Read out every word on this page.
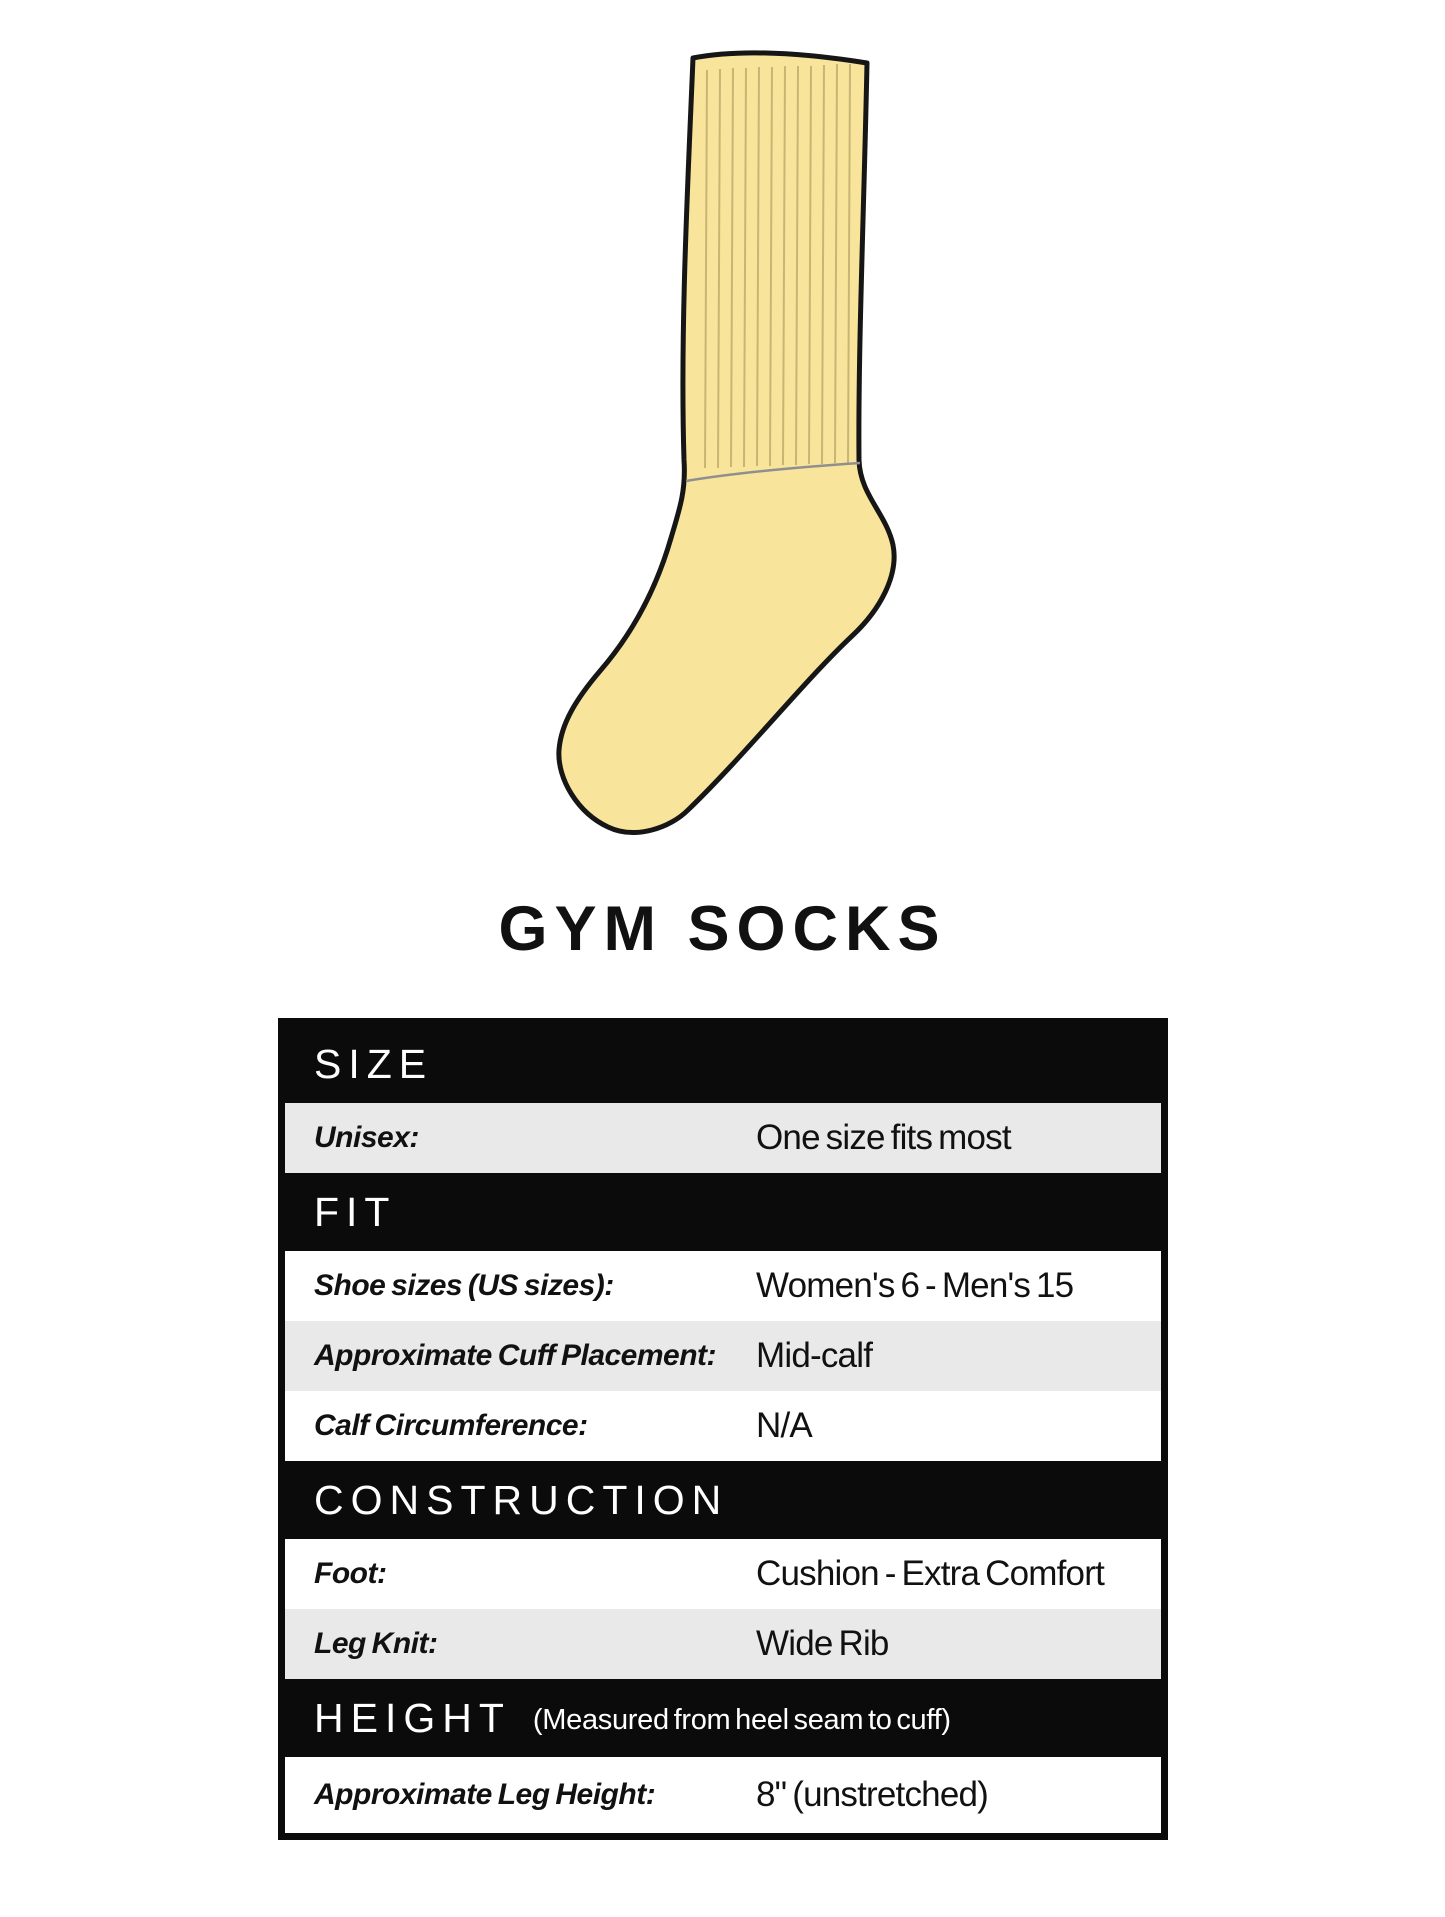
GYM SOCKS
SIZE
Unisex:	One size fits most
FIT
Shoe sizes (US sizes):	Women's 6 - Men's 15
Approximate Cuff Placement:	Mid-calf
Calf Circumference:	N/A
CONSTRUCTION
Foot:	Cushion - Extra Comfort
Leg Knit:	Wide Rib
HEIGHT (Measured from heel seam to cuff)
Approximate Leg Height:	8" (unstretched)
